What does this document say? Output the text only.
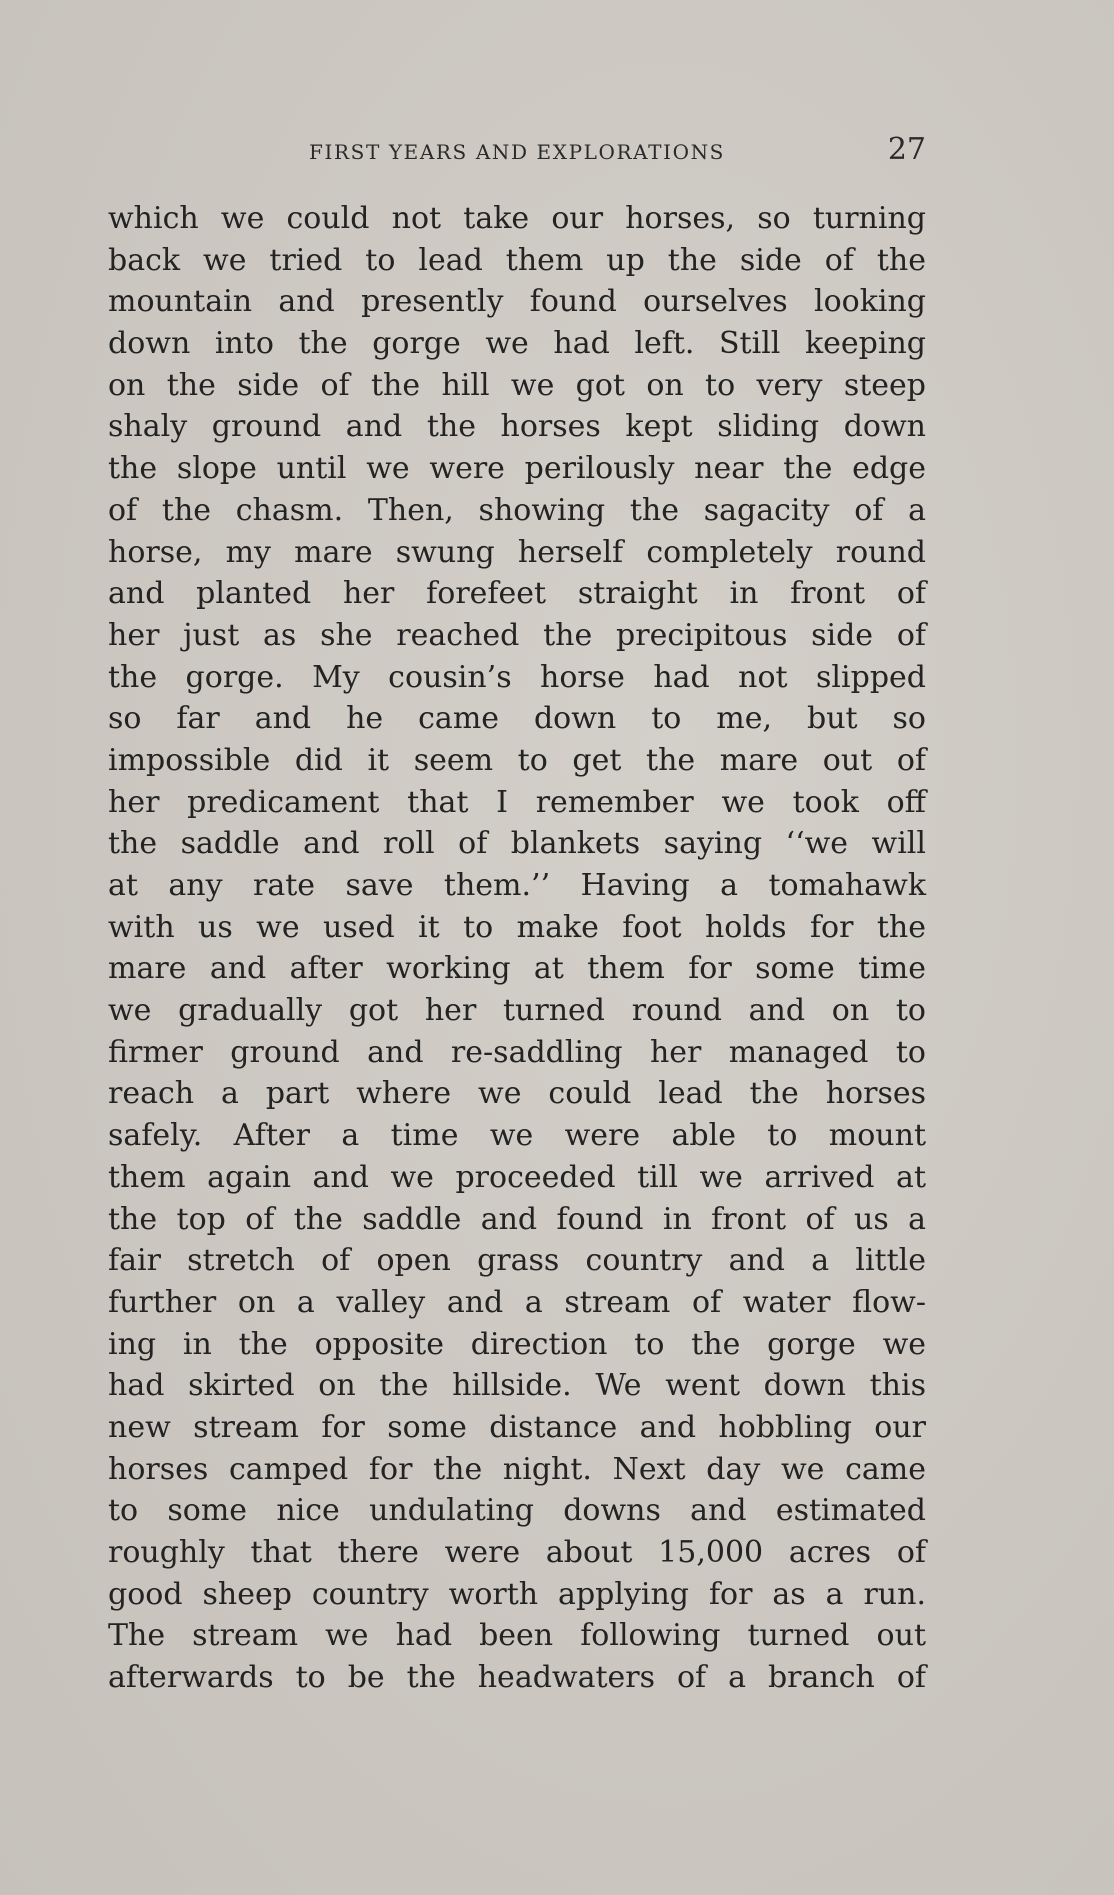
FIRST YEARS AND EXPLORATIONS	27
which we could not take our horses, so turning
back we tried to lead them up the side of the
mountain and presently found ourselves looking
down into the gorge we had left. Still keeping
on the side of the hill we got on to very steep
shaly ground and the horses kept sliding down
the slope until we were perilously near the edge
of the chasm. Then, showing the sagacity of a
horse, my mare swung herself completely round
and planted her forefeet straight in front of
her just as she reached the precipitous side of
the gorge. My cousin’s horse had not slipped
so far and he came down to me, but so
impossible did it seem to get the mare out of
her predicament that I remember we took off
the saddle and roll of blankets saying ‘‘we will
at any rate save them.’’ Having a tomahawk
with us we used it to make foot holds for the
mare and after working at them for some time
we gradually got her turned round and on to
firmer ground and re-saddling her managed to
reach a part where we could lead the horses
safely. After a time we were able to mount
them again and we proceeded till we arrived at
the top of the saddle and found in front of us a
fair stretch of open grass country and a little
further on a valley and a stream of water flow-
ing in the opposite direction to the gorge we
had skirted on the hillside. We went down this
new stream for some distance and hobbling our
horses camped for the night. Next day we came
to some nice undulating downs and estimated
roughly that there were about 15,000 acres of
good sheep country worth applying for as a run.
The stream we had been following turned out
afterwards to be the headwaters of a branch of
